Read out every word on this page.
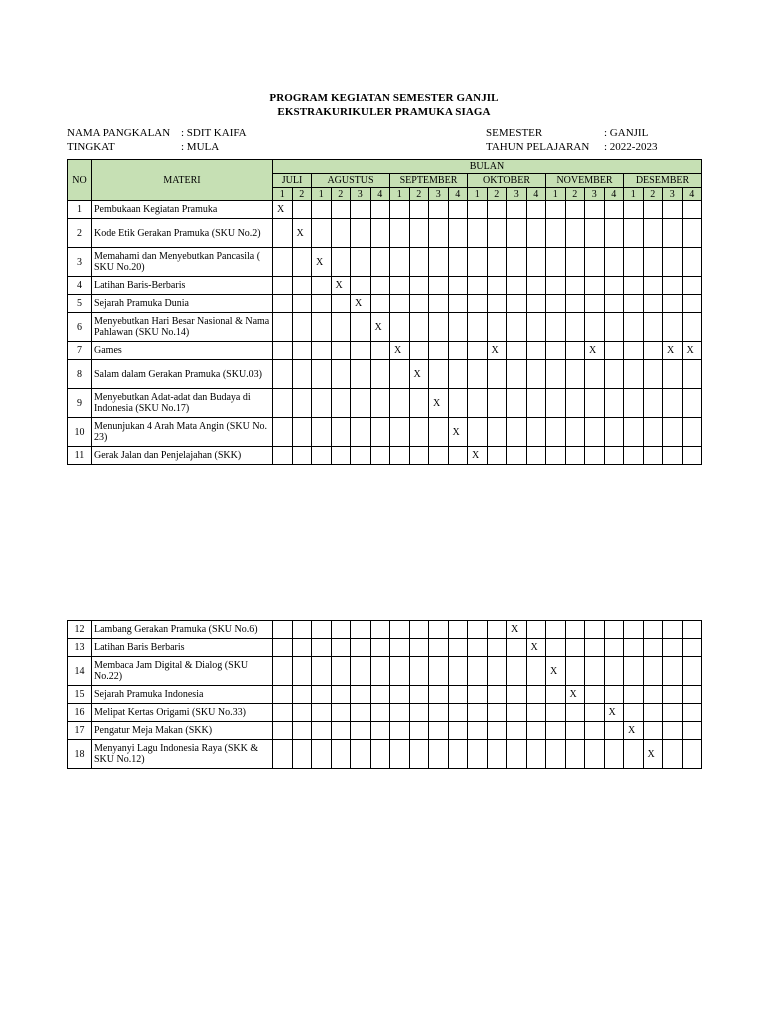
PROGRAM KEGIATAN SEMESTER GANJIL
EKSTRAKURIKULER PRAMUKA SIAGA
NAMA PANGKALAN : SDIT KAIFA
TINGKAT	: MULA
SEMESTER	: GANJIL
TAHUN PELAJARAN : 2022-2023
NO	MATERI	BULAN																					
		JULI		AGUSTUS				SEPTEMBER				OKTOBER				NOVEMBER				DESEMBER			
		1	2	1	2	3	4	1	2	3	4	1	2	3	4	1	2	3	4	1	2	3	4
1	Pembukaan Kegiatan Pramuka	X																					
2	Kode Etik Gerakan Pramuka (SKU No.2)		X																				
3	Memahami dan Menyebutkan Pancasila ( SKU No.20)			X																			
4	Latihan Baris-Berbaris				X																		
5	Sejarah Pramuka Dunia					X																	
6	Menyebutkan Hari Besar Nasional & Nama Pahlawan (SKU No.14)						X																
7	Games							X					X					X				X	X
8	Salam dalam Gerakan Pramuka (SKU.03)								X														
9	Menyebutkan Adat-adat dan Budaya di Indonesia (SKU No.17)									X													
10	Menunjukan 4 Arah Mata Angin (SKU No. 23)										X												
11	Gerak Jalan dan Penjelajahan (SKK)											X											
12	Lambang Gerakan Pramuka (SKU No.6)													X									
13	Latihan Baris Berbaris														X								
14	Membaca Jam Digital & Dialog (SKU No.22)															X							
15	Sejarah Pramuka Indonesia																X						
16	Melipat Kertas Origami (SKU No.33)																		X				
17	Pengatur Meja Makan (SKK)																			X			
18	Menyanyi Lagu Indonesia Raya (SKK & SKU No.12)																				X		
